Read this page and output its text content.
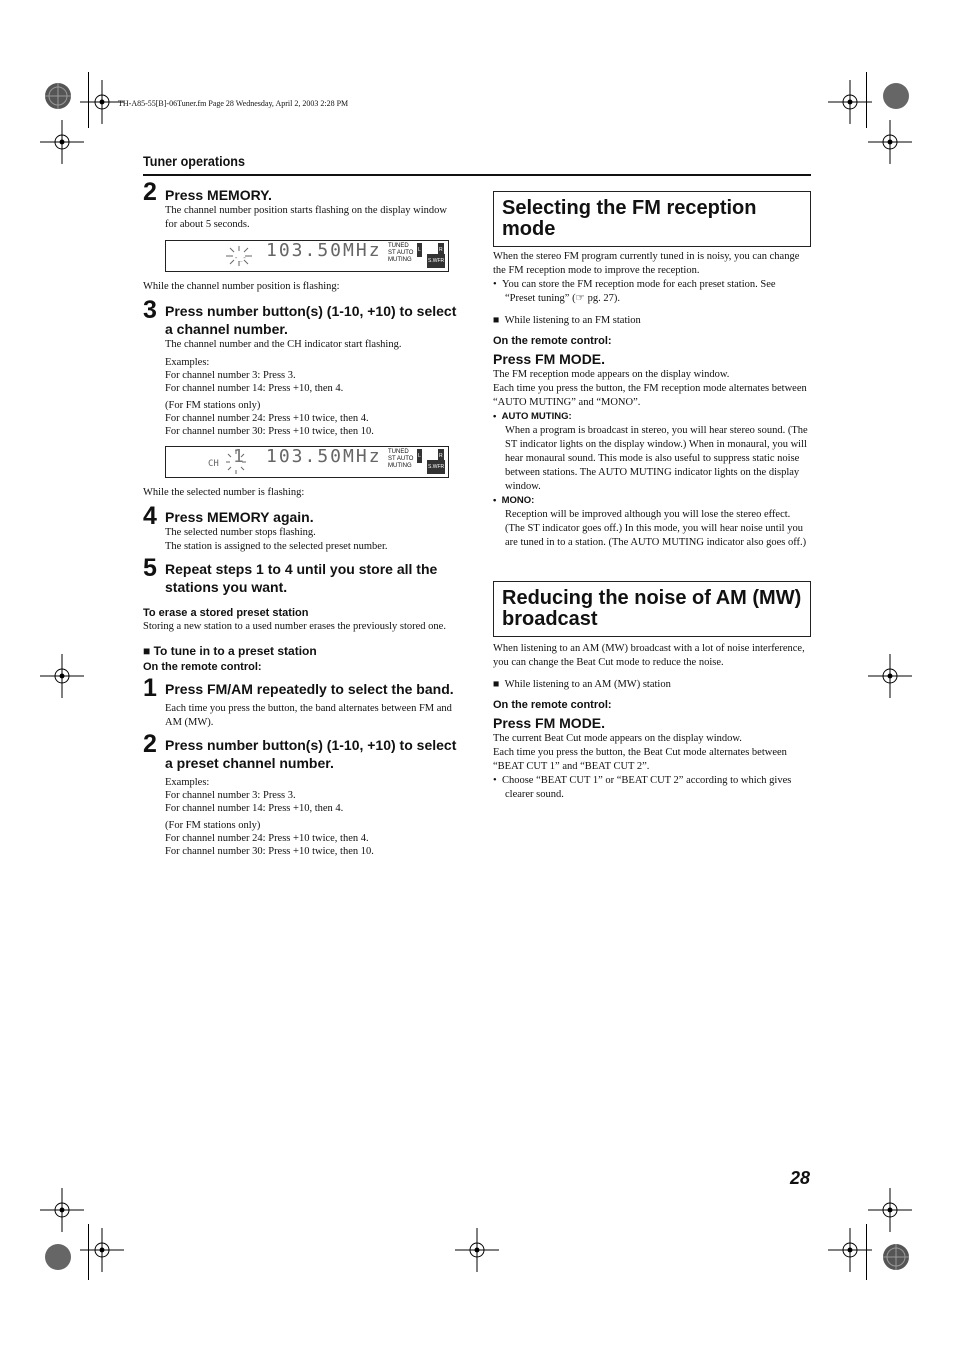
TH-A85-55[B]-06Tuner.fm Page 28 Wednesday, April 2, 2003 2:28 PM
Tuner operations
2 Press MEMORY.
The channel number position starts flashing on the display window for about 5 seconds.
-_- 103.50MHz TUNED
ST AUTO
MUTING
L	R
S.WFR
While the channel number position is flashing:
3 Press number button(s) (1-10, +10) to select a channel number.
The channel number and the CH indicator start flashing.
Examples:
For channel number 3: Press 3.
For channel number 14: Press +10, then 4.
(For FM stations only)
For channel number 24: Press +10 twice, then 4.
For channel number 30: Press +10 twice, then 10.
CH 1 103.50MHz TUNED
ST AUTO
MUTING
L	R
S.WFR
While the selected number is flashing:
4 Press MEMORY again.
The selected number stops flashing.
The station is assigned to the selected preset number.
5 Repeat steps 1 to 4 until you store all the stations you want.
To erase a stored preset station
Storing a new station to a used number erases the previously stored one.
■ To tune in to a preset station
On the remote control:
1 Press FM/AM repeatedly to select the band.
Each time you press the button, the band alternates between FM and AM (MW).
2 Press number button(s) (1-10, +10) to select a preset channel number.
Examples:
For channel number 3: Press 3.
For channel number 14: Press +10, then 4.
(For FM stations only)
For channel number 24: Press +10 twice, then 4.
For channel number 30: Press +10 twice, then 10.
Selecting the FM reception mode
When the stereo FM program currently tuned in is noisy, you can change the FM reception mode to improve the reception.
•  You can store the FM reception mode for each preset station. See “Preset tuning” (☞ pg. 27).
■  While listening to an FM station
On the remote control:
Press FM MODE.
The FM reception mode appears on the display window.
Each time you press the button, the FM reception mode alternates between “AUTO MUTING” and “MONO”.
•  AUTO MUTING:
When a program is broadcast in stereo, you will hear stereo sound. (The ST indicator lights on the display window.) When in monaural, you will hear monaural sound. This mode is also useful to suppress static noise between stations. The AUTO MUTING indicator lights on the display window.
•  MONO:
Reception will be improved although you will lose the stereo effect. (The ST indicator goes off.) In this mode, you will hear noise until you are tuned in to a station. (The AUTO MUTING indicator also goes off.)
Reducing the noise of AM (MW) broadcast
When listening to an AM (MW) broadcast with a lot of noise interference, you can change the Beat Cut mode to reduce the noise.
■  While listening to an AM (MW) station
On the remote control:
Press FM MODE.
The current Beat Cut mode appears on the display window.
Each time you press the button, the Beat Cut mode alternates between “BEAT CUT 1” and “BEAT CUT 2”.
•  Choose “BEAT CUT 1” or “BEAT CUT 2” according to which gives clearer sound.
28
